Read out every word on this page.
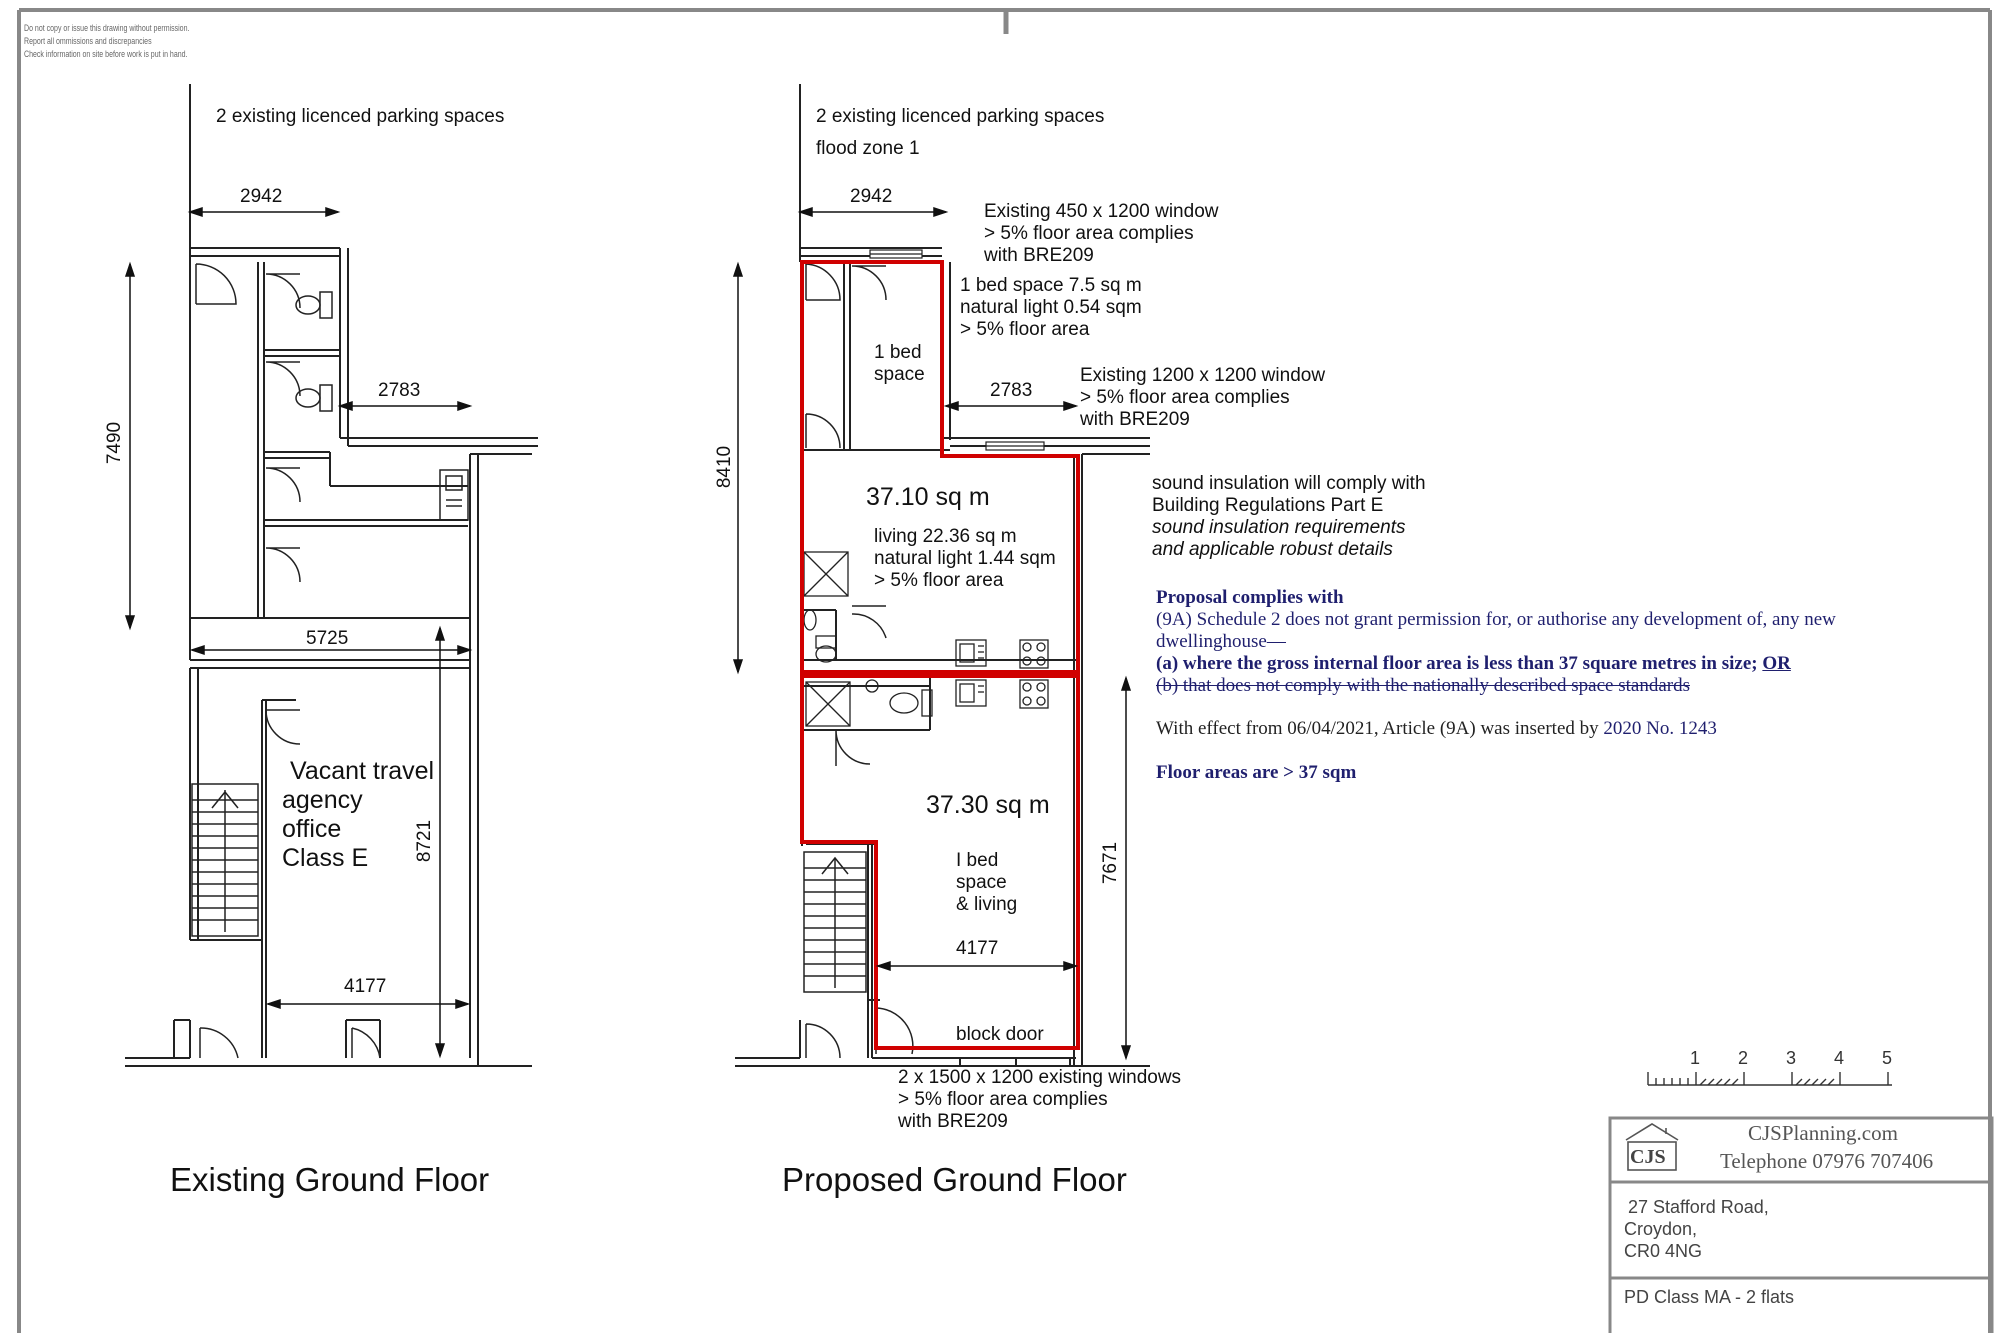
Do not copy or issue this drawing without permission.
Report all ommissions and discrepancies
Check information on site before work is put in hand.
2 existing licenced parking spaces
2942
2783
7490
5725
8721
4177
Vacant travel
agency
office
Class E
Existing Ground Floor
2 existing licenced parking spaces
flood zone 1
2942
2783
8410
7671
4177
Existing 450 x 1200 window
> 5% floor area complies
with BRE209
1 bed space 7.5 sq m
natural light 0.54 sqm
> 5% floor area
1 bed
space	Existing 1200 x 1200 window
> 5% floor area complies
with BRE209
37.10 sq m
living 22.36 sq m
natural light 1.44 sqm
> 5% floor area
37.30 sq m
I bed
space
& living
block door
2 x 1500 x 1200 existing windows
> 5% floor area complies
with BRE209
Proposed Ground Floor
sound insulation will comply with
Building Regulations Part E
sound insulation requirements
and applicable robust details
Proposal complies with
(9A) Schedule 2 does not grant permission for, or authorise any development of, any new
dwellinghouse—
(a) where the gross internal floor area is less than 37 square metres in size; OR
(b) that does not comply with the nationally described space standards
With effect from 06/04/2021, Article (9A) was inserted by 2020 No. 1243
Floor areas are > 37 sqm
1 2 3 4 5
CJS
CJSPlanning.com
Telephone 07976 707406
27 Stafford Road,
Croydon,
CR0 4NG
PD Class MA - 2 flats
